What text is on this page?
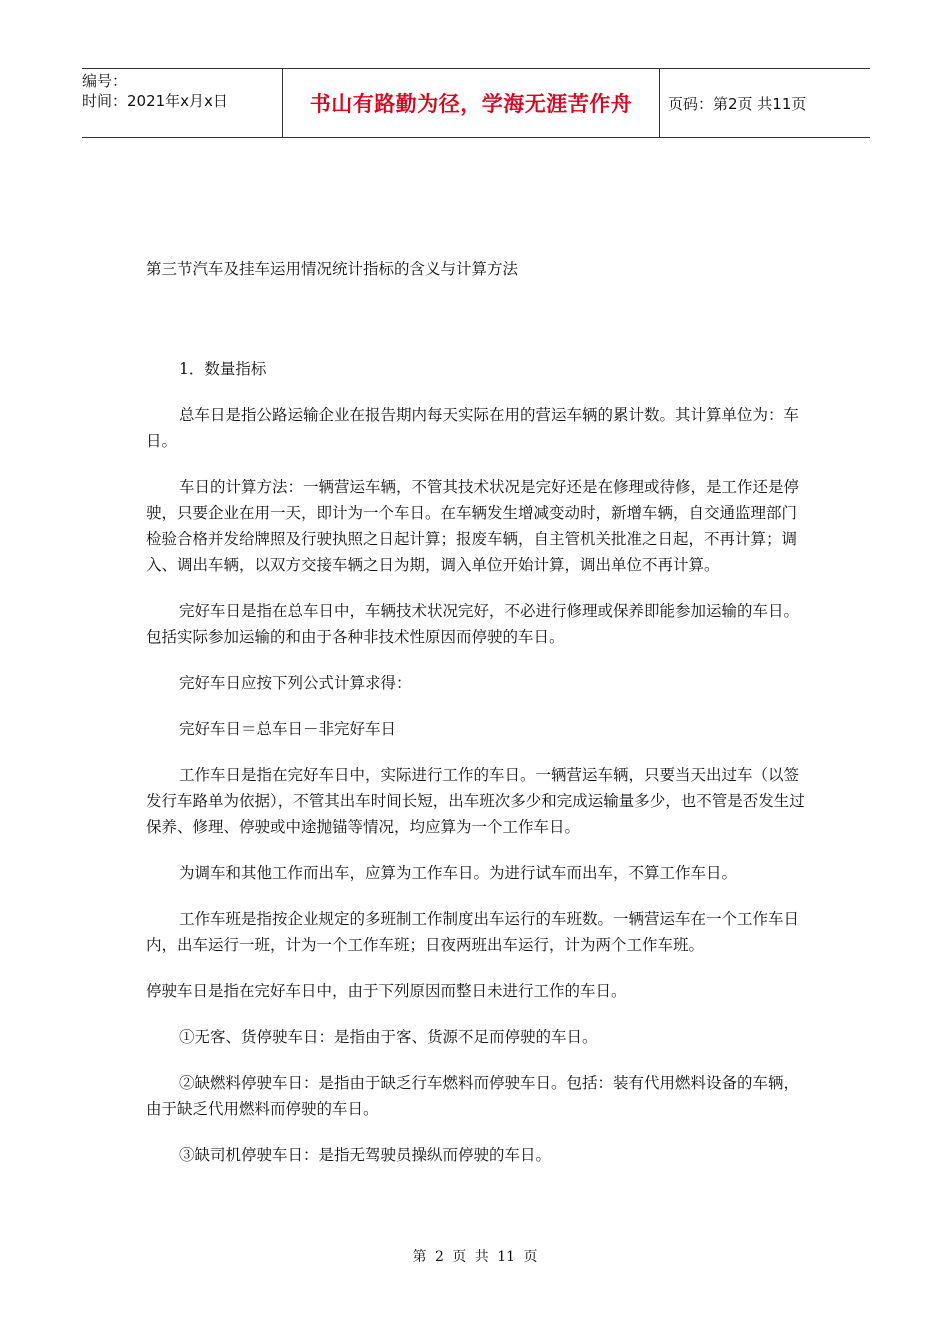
编号：
时间：2021年x月x日	书山有路勤为径，学海无涯苦作舟	页码：第2页 共11页

第三节汽车及挂车运用情况统计指标的含义与计算方法

1．数量指标

总车日是指公路运输企业在报告期内每天实际在用的营运车辆的累计数。其计算单位为：车日。

车日的计算方法：一辆营运车辆，不管其技术状况是完好还是在修理或待修，是工作还是停驶，只要企业在用一天，即计为一个车日。在车辆发生增减变动时，新增车辆，自交通监理部门检验合格并发给牌照及行驶执照之日起计算；报废车辆，自主管机关批准之日起，不再计算；调入、调出车辆，以双方交接车辆之日为期，调入单位开始计算，调出单位不再计算。

完好车日是指在总车日中，车辆技术状况完好，不必进行修理或保养即能参加运输的车日。包括实际参加运输的和由于各种非技术性原因而停驶的车日。

完好车日应按下列公式计算求得：

完好车日＝总车日－非完好车日

工作车日是指在完好车日中，实际进行工作的车日。一辆营运车辆，只要当天出过车（以签发行车路单为依据），不管其出车时间长短，出车班次多少和完成运输量多少，也不管是否发生过保养、修理、停驶或中途抛锚等情况，均应算为一个工作车日。

为调车和其他工作而出车，应算为工作车日。为进行试车而出车，不算工作车日。

工作车班是指按企业规定的多班制工作制度出车运行的车班数。一辆营运车在一个工作车日内，出车运行一班，计为一个工作车班；日夜两班出车运行，计为两个工作车班。

停驶车日是指在完好车日中，由于下列原因而整日未进行工作的车日。

①无客、货停驶车日：是指由于客、货源不足而停驶的车日。

②缺燃料停驶车日：是指由于缺乏行车燃料而停驶车日。包括：装有代用燃料设备的车辆，由于缺乏代用燃料而停驶的车日。

③缺司机停驶车日：是指无驾驶员操纵而停驶的车日。

第 2 页 共 11 页
